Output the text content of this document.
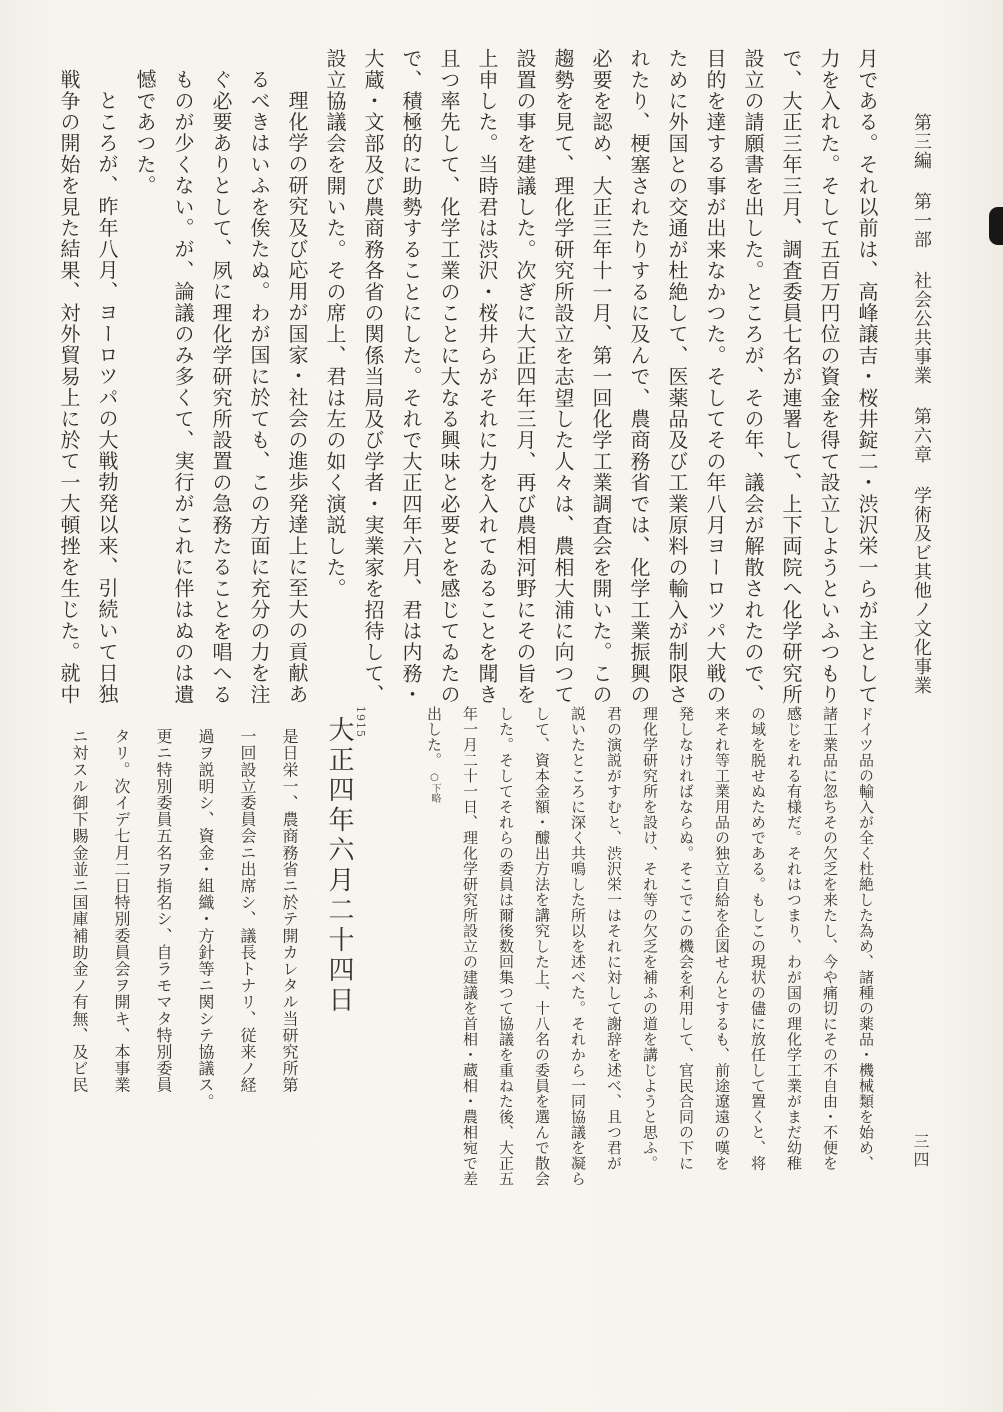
第三編
第一部
社会公共事業
第六章
学術及ビ其他ノ文化事業
三四
月である。それ以前は、高峰譲吉・桜井錠二・渋沢栄一らが主として
力を入れた。そして五百万円位の資金を得て設立しようといふつもり
で、大正三年三月、調査委員七名が連署して、上下両院へ化学研究所
設立の請願書を出した。ところが、その年、議会が解散されたので、
目的を達する事が出来なかつた。そしてその年八月ヨーロツパ大戦の
ために外国との交通が杜絶して、医薬品及び工業原料の輸入が制限さ
れたり、梗塞されたりするに及んで、農商務省では、化学工業振興の
必要を認め、大正三年十一月、第一回化学工業調査会を開いた。この
趨勢を見て、理化学研究所設立を志望した人々は、農相大浦に向つて
設置の事を建議した。次ぎに大正四年三月、再び農相河野にその旨を
上申した。当時君は渋沢・桜井らがそれに力を入れてゐることを聞き
且つ率先して、化学工業のことに大なる興味と必要とを感じてゐたの
で、積極的に助勢することにした。それで大正四年六月、君は内務・
大蔵・文部及び農商務各省の関係当局及び学者・実業家を招待して、
設立協議会を開いた。その席上、君は左の如く演説した。
理化学の研究及び応用が国家・社会の進歩発達上に至大の貢献あ
るべきはいふを俟たぬ。わが国に於ても、この方面に充分の力を注
ぐ必要ありとして、夙に理化学研究所設置の急務たることを唱へる
ものが少くない。が、論議のみ多くて、実行がこれに伴はぬのは遺
憾であつた。
ところが、昨年八月、ヨーロツパの大戦勃発以来、引続いて日独
戦争の開始を見た結果、対外貿易上に於て一大頓挫を生じた。就中
ドイツ品の輸入が全く杜絶した為め、諸種の薬品・機械類を始め、
諸工業品に忽ちその欠乏を来たし、今や痛切にその不自由・不便を
感じをれる有様だ。それはつまり、わが国の理化学工業がまだ幼稚
の域を脱せぬためである。もしこの現状の儘に放任して置くと、将
来それ等工業用品の独立自給を企図せんとするも、前途遼遠の嘆を
発しなければならぬ。そこでこの機会を利用して、官民合同の下に
理化学研究所を設け、それ等の欠乏を補ふの道を講じようと思ふ。
君の演説がすむと、渋沢栄一はそれに対して謝辞を述べ、且つ君が
説いたところに深く共鳴した所以を述べた。それから一同協議を凝ら
して、資本金額・醵出方法を講究した上、十八名の委員を選んで散会
した。そしてそれらの委員は爾後数回集つて協議を重ねた後、大正五
年一月二十一日、理化学研究所設立の建議を首相・蔵相・農相宛で差
出した。○下略
1915
大正四年六月二十四日
是日栄一、農商務省ニ於テ開カレタル当研究所第
一回設立委員会ニ出席シ、議長トナリ、従来ノ経
過ヲ説明シ、資金・組織・方針等ニ関シテ協議ス。
更ニ特別委員五名ヲ指名シ、自ラモマタ特別委員
タリ。次イデ七月二日特別委員会ヲ開キ、本事業
ニ対スル御下賜金並ニ国庫補助金ノ有無、及ビ民
